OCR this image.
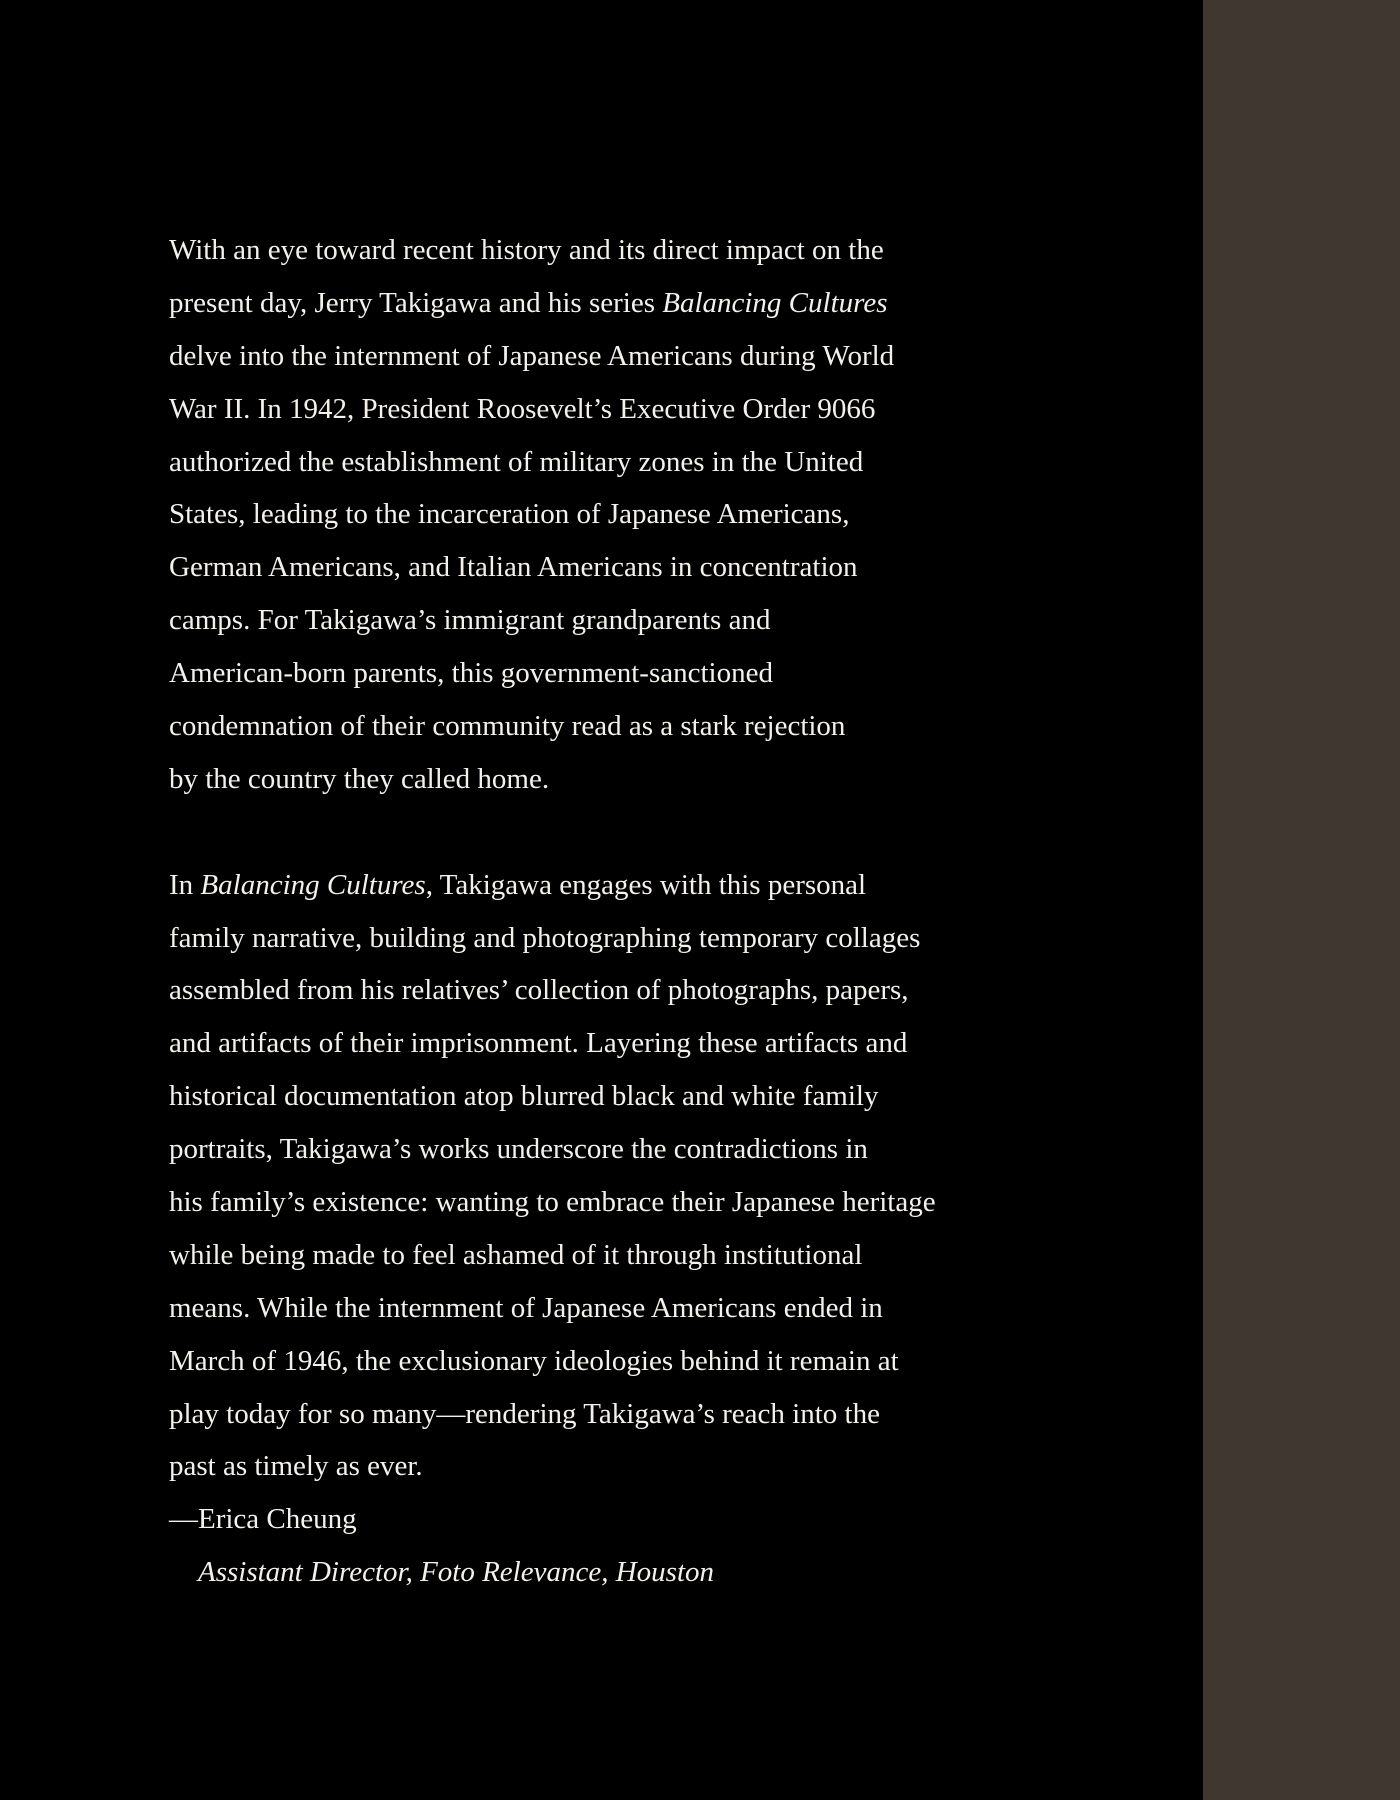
With an eye toward recent history and its direct impact on the
present day, Jerry Takigawa and his series Balancing Cultures
delve into the internment of Japanese Americans during World
War II. In 1942, President Roosevelt’s Executive Order 9066
authorized the establishment of military zones in the United
States, leading to the incarceration of Japanese Americans,
German Americans, and Italian Americans in concentration
camps. For Takigawa’s immigrant grandparents and
American-born parents, this government-sanctioned
condemnation of their community read as a stark rejection
by the country they called home.
In Balancing Cultures, Takigawa engages with this personal
family narrative, building and photographing temporary collages
assembled from his relatives’ collection of photographs, papers,
and artifacts of their imprisonment. Layering these artifacts and
historical documentation atop blurred black and white family
portraits, Takigawa’s works underscore the contradictions in
his family’s existence: wanting to embrace their Japanese heritage
while being made to feel ashamed of it through institutional
means. While the internment of Japanese Americans ended in
March of 1946, the exclusionary ideologies behind it remain at
play today for so many—rendering Takigawa’s reach into the
past as timely as ever.
—Erica Cheung
Assistant Director, Foto Relevance, Houston
